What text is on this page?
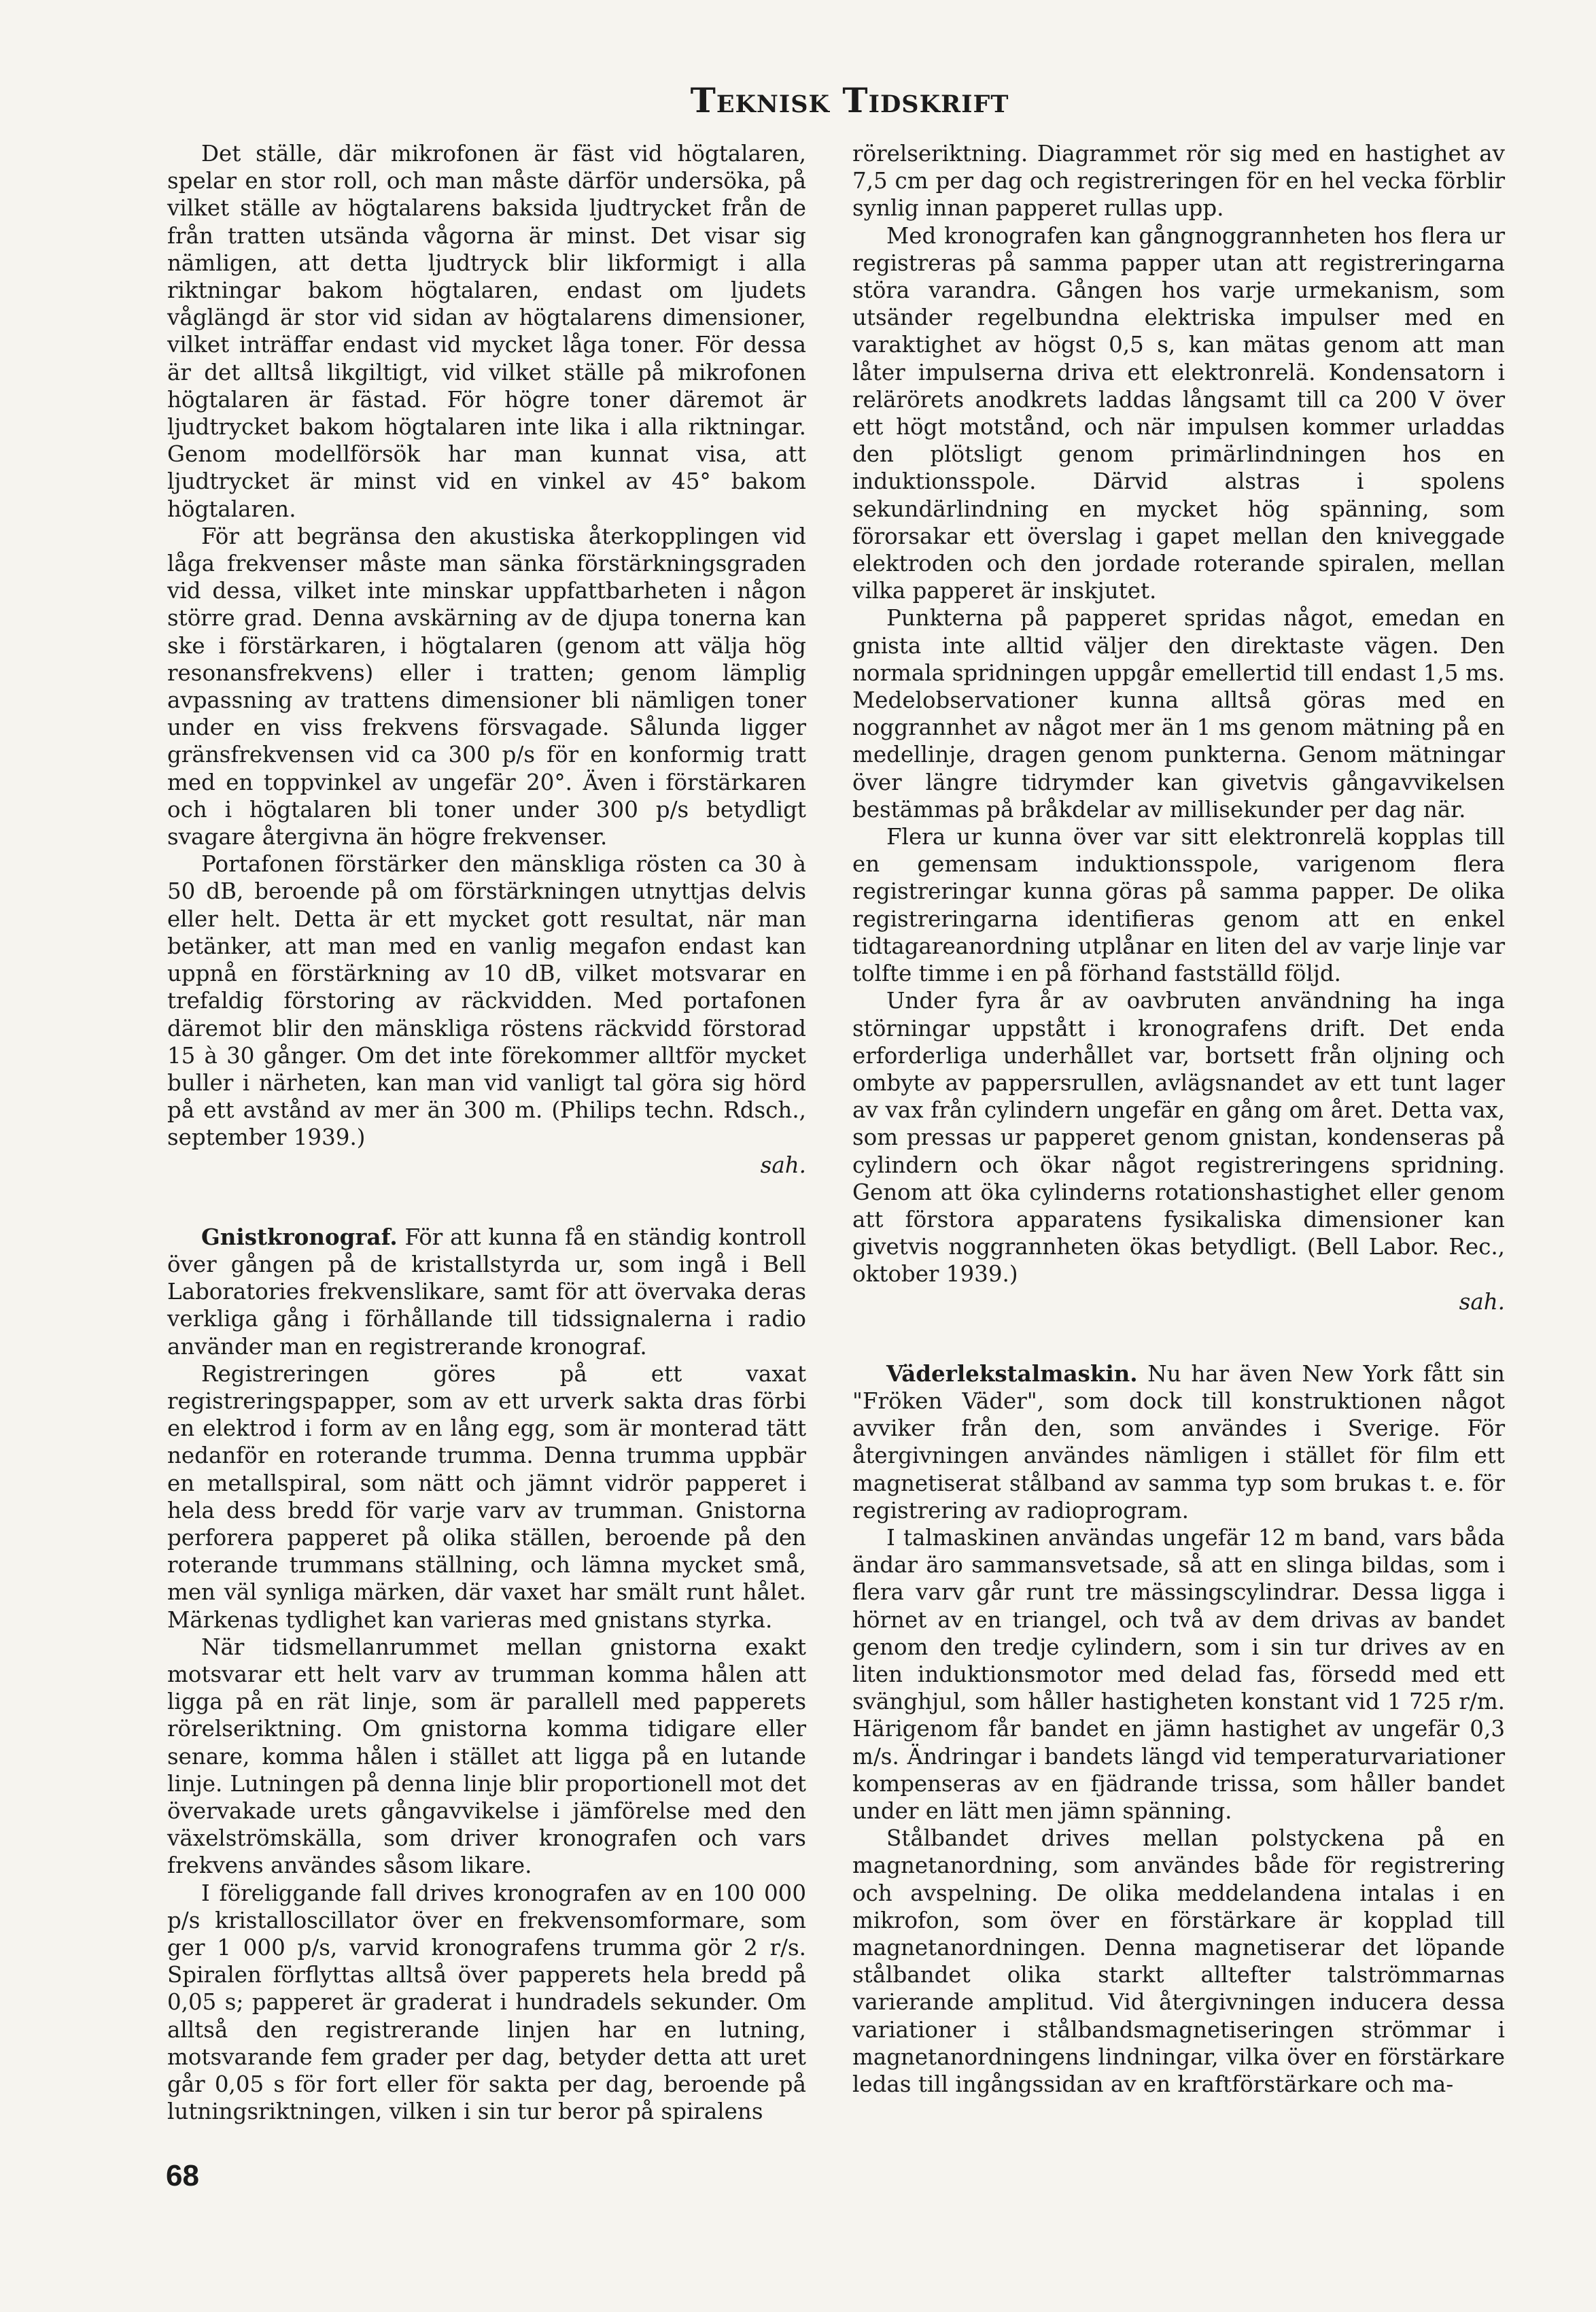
Teknisk Tidskrift

Det ställe, där mikrofonen är fäst vid högtalaren, spelar en stor roll, och man måste därför undersöka, på vilket ställe av högtalarens baksida ljudtrycket från de från tratten utsända vågorna är minst. Det visar sig nämligen, att detta ljudtryck blir likformigt i alla riktningar bakom högtalaren, endast om ljudets våglängd är stor vid sidan av högtalarens dimensioner, vilket inträffar endast vid mycket låga toner. För dessa är det alltså likgiltigt, vid vilket ställe på mikrofonen högtalaren är fästad. För högre toner däremot är ljudtrycket bakom högtalaren inte lika i alla riktningar. Genom modellförsök har man kunnat visa, att ljudtrycket är minst vid en vinkel av 45° bakom högtalaren.

För att begränsa den akustiska återkopplingen vid låga frekvenser måste man sänka förstärkningsgraden vid dessa, vilket inte minskar uppfattbarheten i någon större grad. Denna avskärning av de djupa tonerna kan ske i förstärkaren, i högtalaren (genom att välja hög resonansfrekvens) eller i tratten; genom lämplig avpassning av trattens dimensioner bli nämligen toner under en viss frekvens försvagade. Sålunda ligger gränsfrekvensen vid ca 300 p/s för en konformig tratt med en toppvinkel av ungefär 20°. Även i förstärkaren och i högtalaren bli toner under 300 p/s betydligt svagare återgivna än högre frekvenser.

Portafonen förstärker den mänskliga rösten ca 30 à 50 dB, beroende på om förstärkningen utnyttjas delvis eller helt. Detta är ett mycket gott resultat, när man betänker, att man med en vanlig megafon endast kan uppnå en förstärkning av 10 dB, vilket motsvarar en trefaldig förstoring av räckvidden. Med portafonen däremot blir den mänskliga röstens räckvidd förstorad 15 à 30 gånger. Om det inte förekommer alltför mycket buller i närheten, kan man vid vanligt tal göra sig hörd på ett avstånd av mer än 300 m. (Philips techn. Rdsch., september 1939.)

sah.

Gnistkronograf. För att kunna få en ständig kontroll över gången på de kristallstyrda ur, som ingå i Bell Laboratories frekvenslikare, samt för att övervaka deras verkliga gång i förhållande till tidssignalerna i radio använder man en registrerande kronograf.

Registreringen göres på ett vaxat registreringspapper, som av ett urverk sakta dras förbi en elektrod i form av en lång egg, som är monterad tätt nedanför en roterande trumma. Denna trumma uppbär en metallspiral, som nätt och jämnt vidrör papperet i hela dess bredd för varje varv av trumman. Gnistorna perforera papperet på olika ställen, beroende på den roterande trummans ställning, och lämna mycket små, men väl synliga märken, där vaxet har smält runt hålet. Märkenas tydlighet kan varieras med gnistans styrka.

När tidsmellanrummet mellan gnistorna exakt motsvarar ett helt varv av trumman komma hålen att ligga på en rät linje, som är parallell med papperets rörelseriktning. Om gnistorna komma tidigare eller senare, komma hålen i stället att ligga på en lutande linje. Lutningen på denna linje blir proportionell mot det övervakade urets gångavvikelse i jämförelse med den växelströmskälla, som driver kronografen och vars frekvens användes såsom likare.

I föreliggande fall drives kronografen av en 100 000 p/s kristalloscillator över en frekvensomformare, som ger 1 000 p/s, varvid kronografens trumma gör 2 r/s. Spiralen förflyttas alltså över papperets hela bredd på 0,05 s; papperet är graderat i hundradels sekunder. Om alltså den registrerande linjen har en lutning, motsvarande fem grader per dag, betyder detta att uret går 0,05 s för fort eller för sakta per dag, beroende på lutningsriktningen, vilken i sin tur beror på spiralens

rörelseriktning. Diagrammet rör sig med en hastighet av 7,5 cm per dag och registreringen för en hel vecka förblir synlig innan papperet rullas upp.

Med kronografen kan gångnoggrannheten hos flera ur registreras på samma papper utan att registreringarna störa varandra. Gången hos varje urmekanism, som utsänder regelbundna elektriska impulser med en varaktighet av högst 0,5 s, kan mätas genom att man låter impulserna driva ett elektronrelä. Kondensatorn i relärörets anodkrets laddas långsamt till ca 200 V över ett högt motstånd, och när impulsen kommer urladdas den plötsligt genom primärlindningen hos en induktionsspole. Därvid alstras i spolens sekundärlindning en mycket hög spänning, som förorsakar ett överslag i gapet mellan den kniveggade elektroden och den jordade roterande spiralen, mellan vilka papperet är inskjutet.

Punkterna på papperet spridas något, emedan en gnista inte alltid väljer den direktaste vägen. Den normala spridningen uppgår emellertid till endast 1,5 ms. Medelobservationer kunna alltså göras med en noggrannhet av något mer än 1 ms genom mätning på en medellinje, dragen genom punkterna. Genom mätningar över längre tidrymder kan givetvis gångavvikelsen bestämmas på bråkdelar av millisekunder per dag när.

Flera ur kunna över var sitt elektronrelä kopplas till en gemensam induktionsspole, varigenom flera registreringar kunna göras på samma papper. De olika registreringarna identifieras genom att en enkel tidtagareanordning utplånar en liten del av varje linje var tolfte timme i en på förhand fastställd följd.

Under fyra år av oavbruten användning ha inga störningar uppstått i kronografens drift. Det enda erforderliga underhållet var, bortsett från oljning och ombyte av pappersrullen, avlägsnandet av ett tunt lager av vax från cylindern ungefär en gång om året. Detta vax, som pressas ur papperet genom gnistan, kondenseras på cylindern och ökar något registreringens spridning. Genom att öka cylinderns rotationshastighet eller genom att förstora apparatens fysikaliska dimensioner kan givetvis noggrannheten ökas betydligt. (Bell Labor. Rec., oktober 1939.)

sah.

Väderlekstalmaskin. Nu har även New York fått sin "Fröken Väder", som dock till konstruktionen något avviker från den, som användes i Sverige. För återgivningen användes nämligen i stället för film ett magnetiserat stålband av samma typ som brukas t. e. för registrering av radioprogram.

I talmaskinen användas ungefär 12 m band, vars båda ändar äro sammansvetsade, så att en slinga bildas, som i flera varv går runt tre mässingscylindrar. Dessa ligga i hörnet av en triangel, och två av dem drivas av bandet genom den tredje cylindern, som i sin tur drives av en liten induktionsmotor med delad fas, försedd med ett svänghjul, som håller hastigheten konstant vid 1 725 r/m. Härigenom får bandet en jämn hastighet av ungefär 0,3 m/s. Ändringar i bandets längd vid temperaturvariationer kompenseras av en fjädrande trissa, som håller bandet under en lätt men jämn spänning.

Stålbandet drives mellan polstyckena på en magnetanordning, som användes både för registrering och avspelning. De olika meddelandena intalas i en mikrofon, som över en förstärkare är kopplad till magnetanordningen. Denna magnetiserar det löpande stålbandet olika starkt alltefter talströmmarnas varierande amplitud. Vid återgivningen inducera dessa variationer i stålbandsmagnetiseringen strömmar i magnetanordningens lindningar, vilka över en förstärkare ledas till ingångssidan av en kraftförstärkare och ma-

68
